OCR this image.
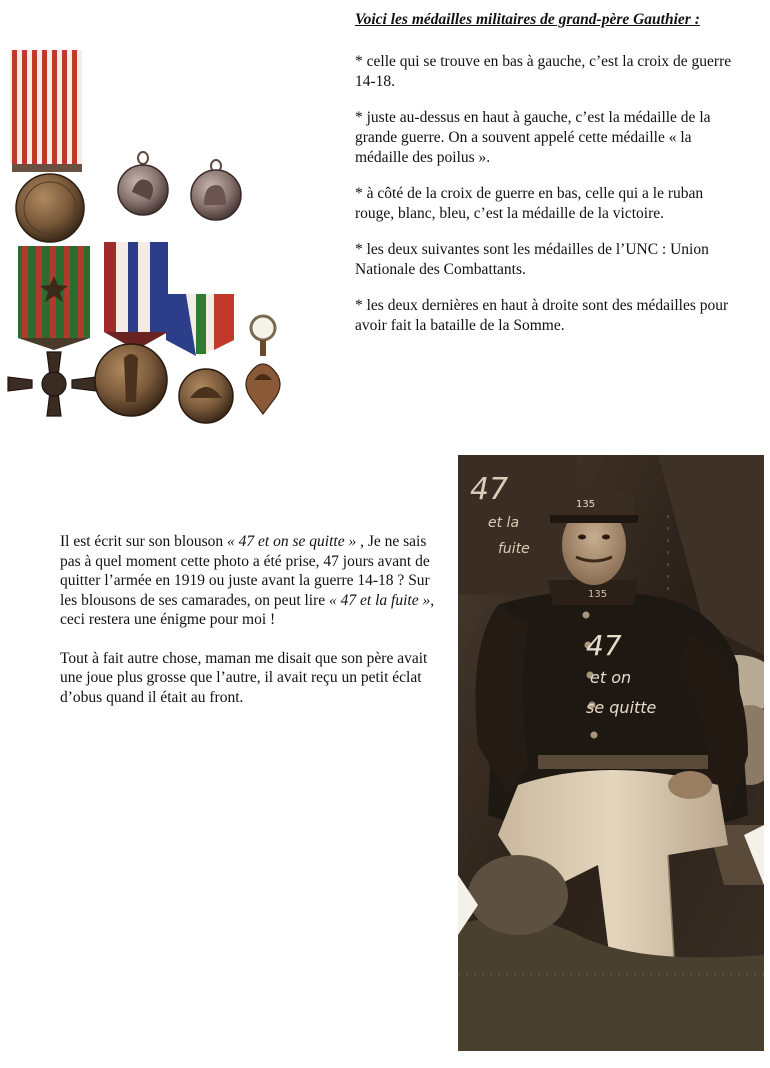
Voici les médailles militaires de grand-père Gauthier :

* celle qui se trouve en bas à gauche, c’est la croix de guerre 14-18.

* juste au-dessus en haut à gauche, c’est la médaille de la grande guerre. On a souvent appelé cette médaille « la médaille des poilus ».

* à côté de la croix de guerre en bas, celle qui a le ruban rouge, blanc, bleu, c’est la médaille de la victoire.

* les deux suivantes sont les médailles de l’UNC : Union Nationale des Combattants.

* les deux dernières en haut à droite sont des médailles pour avoir fait la bataille de la Somme.

Il est écrit sur son blouson « 47 et on se quitte » , Je ne sais pas à quel moment cette photo a été prise, 47 jours avant de quitter l’armée en 1919 ou juste avant la guerre 14-18 ? Sur les blousons de ses camarades, on peut lire « 47 et la fuite », ceci restera une énigme pour moi !

Tout à fait autre chose, maman me disait que son père avait une joue plus grosse que l’autre, il avait reçu un petit éclat d’obus quand il était au front.

47
et la
fuite
135
135
47
et on
se quitte
